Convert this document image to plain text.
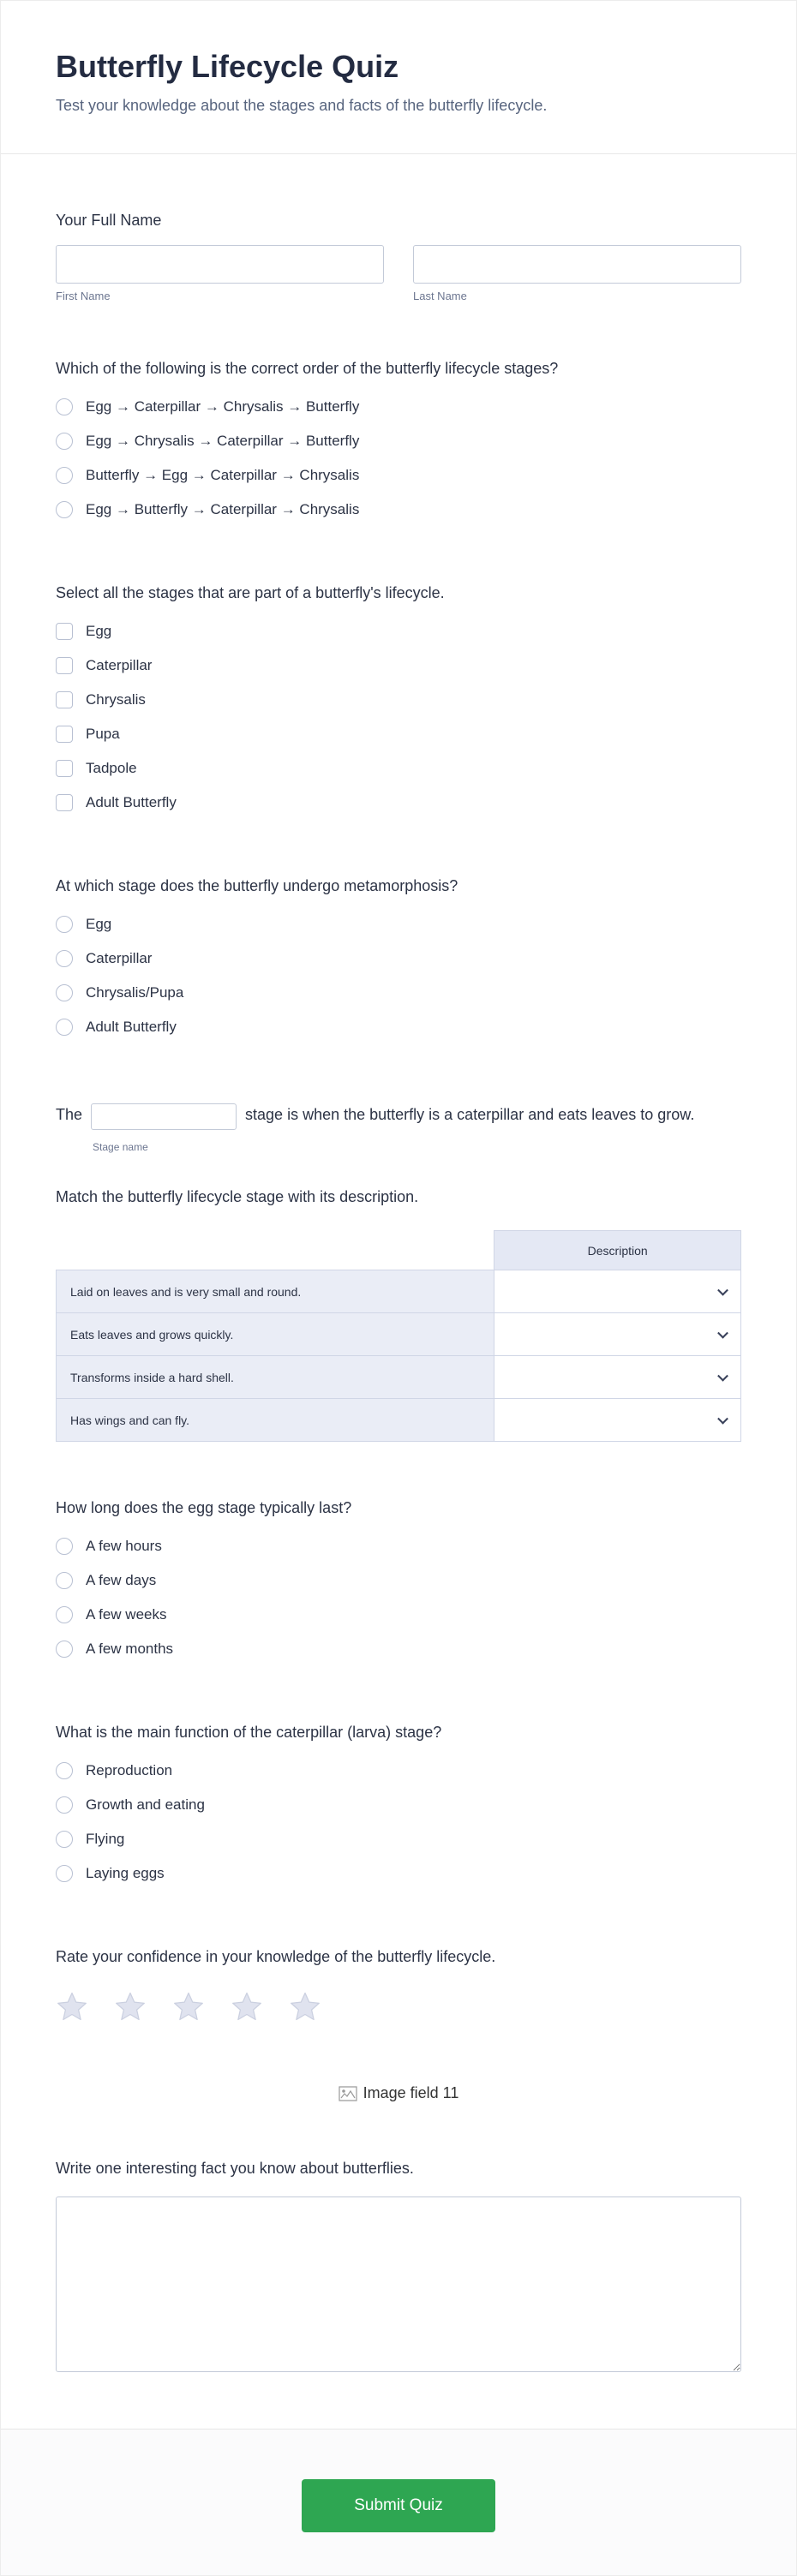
Butterfly Lifecycle Quiz

Test your knowledge about the stages and facts of the butterfly lifecycle.

Your Full Name
First Name	Last Name
Which of the following is the correct order of the butterfly lifecycle stages?
Egg → Caterpillar → Chrysalis → Butterfly
Egg → Chrysalis → Caterpillar → Butterfly
Butterfly → Egg → Caterpillar → Chrysalis
Egg → Butterfly → Caterpillar → Chrysalis
Select all the stages that are part of a butterfly's lifecycle.
Egg
Caterpillar
Chrysalis
Pupa
Tadpole
Adult Butterfly
At which stage does the butterfly undergo metamorphosis?
Egg
Caterpillar
Chrysalis/Pupa
Adult Butterfly

The
Stage name
stage is when the butterfly is a caterpillar and eats leaves to grow.

Match the butterfly lifecycle stage with its description.
	Description
Laid on leaves and is very small and round.	

Eats leaves and grows quickly.	

Transforms inside a hard shell.	

Has wings and can fly.	
How long does the egg stage typically last?
A few hours
A few days
A few weeks
A few months
What is the main function of the caterpillar (larva) stage?
Reproduction
Growth and eating
Flying
Laying eggs
Rate your confidence in your knowledge of the butterfly lifecycle.
Image field 11
Write one interesting fact you know about butterflies.
Submit Quiz
